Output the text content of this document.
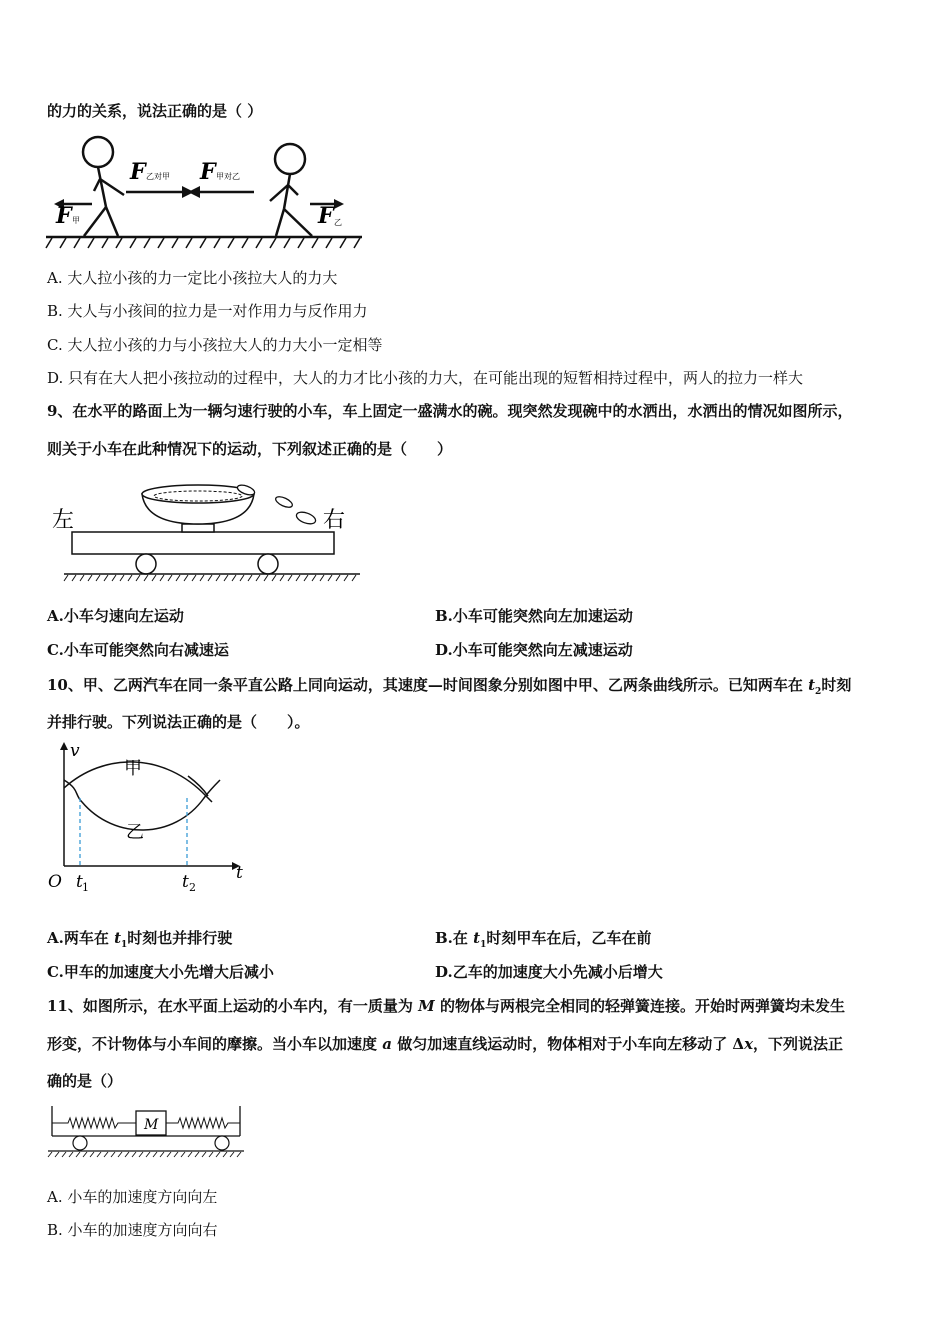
的力的关系，说法正确的是（ ）
F 乙对甲 F 甲对乙
F 甲	F 乙
A. 大人拉小孩的力一定比小孩拉大人的力大
B. 大人与小孩间的拉力是一对作用力与反作用力
C. 大人拉小孩的力与小孩拉大人的力大小一定相等
D. 只有在大人把小孩拉动的过程中，大人的力才比小孩的力大，在可能出现的短暂相持过程中，两人的拉力一样大
9、在水平的路面上为一辆匀速行驶的小车，车上固定一盛满水的碗。现突然发现碗中的水洒出，水洒出的情况如图所示，
则关于小车在此种情况下的运动，下列叙述正确的是（　　）
左	右
A.小车匀速向左运动	B.小车可能突然向左加速运动
C.小车可能突然向右减速运	D.小车可能突然向左减速运动
10、甲、乙两汽车在同一条平直公路上同向运动，其速度—时间图象分别如图中甲、乙两条曲线所示。已知两车在 $t_2$时刻
并排行驶。下列说法正确的是（　　）。
v
t
O t 1	t 2
甲
乙
A.两车在 $t_1$时刻也并排行驶	B.在 $t_1$时刻甲车在后，乙车在前
C.甲车的加速度大小先增大后减小	D.乙车的加速度大小先减小后增大
11、如图所示，在水平面上运动的小车内，有一质量为 M 的物体与两根完全相同的轻弹簧连接。开始时两弹簧均未发生
形变，不计物体与小车间的摩擦。当小车以加速度 a 做匀加速直线运动时，物体相对于小车向左移动了 Δx，下列说法正
确的是（）
M
A. 小车的加速度方向向左
B. 小车的加速度方向向右
